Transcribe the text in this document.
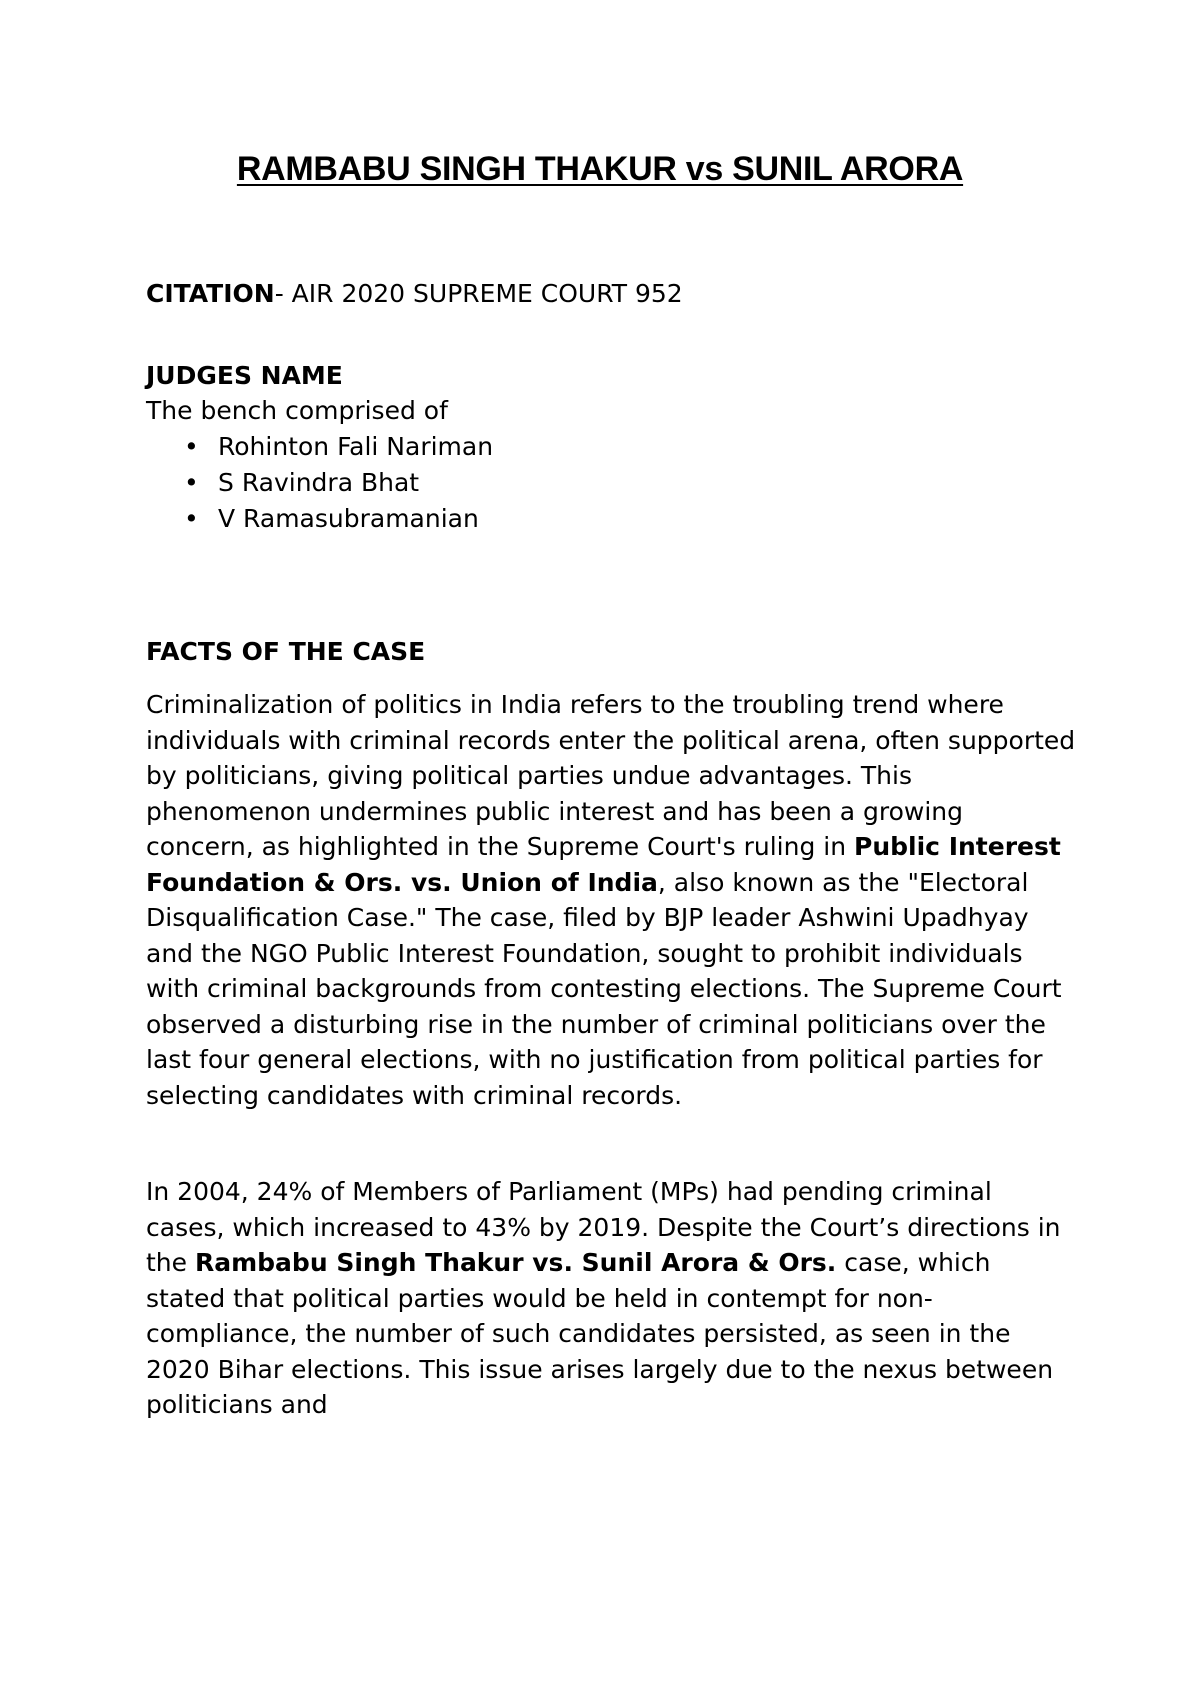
RAMBABU SINGH THAKUR vs SUNIL ARORA

CITATION- AIR 2020 SUPREME COURT 952

JUDGES NAME

The bench comprised of

• Rohinton Fali Nariman
• S Ravindra Bhat
• V Ramasubramanian

FACTS OF THE CASE

Criminalization of politics in India refers to the troubling trend where individuals with criminal records enter the political arena, often supported by politicians, giving political parties undue advantages. This phenomenon undermines public interest and has been a growing concern, as highlighted in the Supreme Court's ruling in Public Interest Foundation & Ors. vs. Union of India, also known as the "Electoral Disqualification Case." The case, filed by BJP leader Ashwini Upadhyay and the NGO Public Interest Foundation, sought to prohibit individuals with criminal backgrounds from contesting elections. The Supreme Court observed a disturbing rise in the number of criminal politicians over the last four general elections, with no justification from political parties for selecting candidates with criminal records.

In 2004, 24% of Members of Parliament (MPs) had pending criminal cases, which increased to 43% by 2019. Despite the Court’s directions in the Rambabu Singh Thakur vs. Sunil Arora & Ors. case, which stated that political parties would be held in contempt for non-compliance, the number of such candidates persisted, as seen in the 2020 Bihar elections. This issue arises largely due to the nexus between politicians and
